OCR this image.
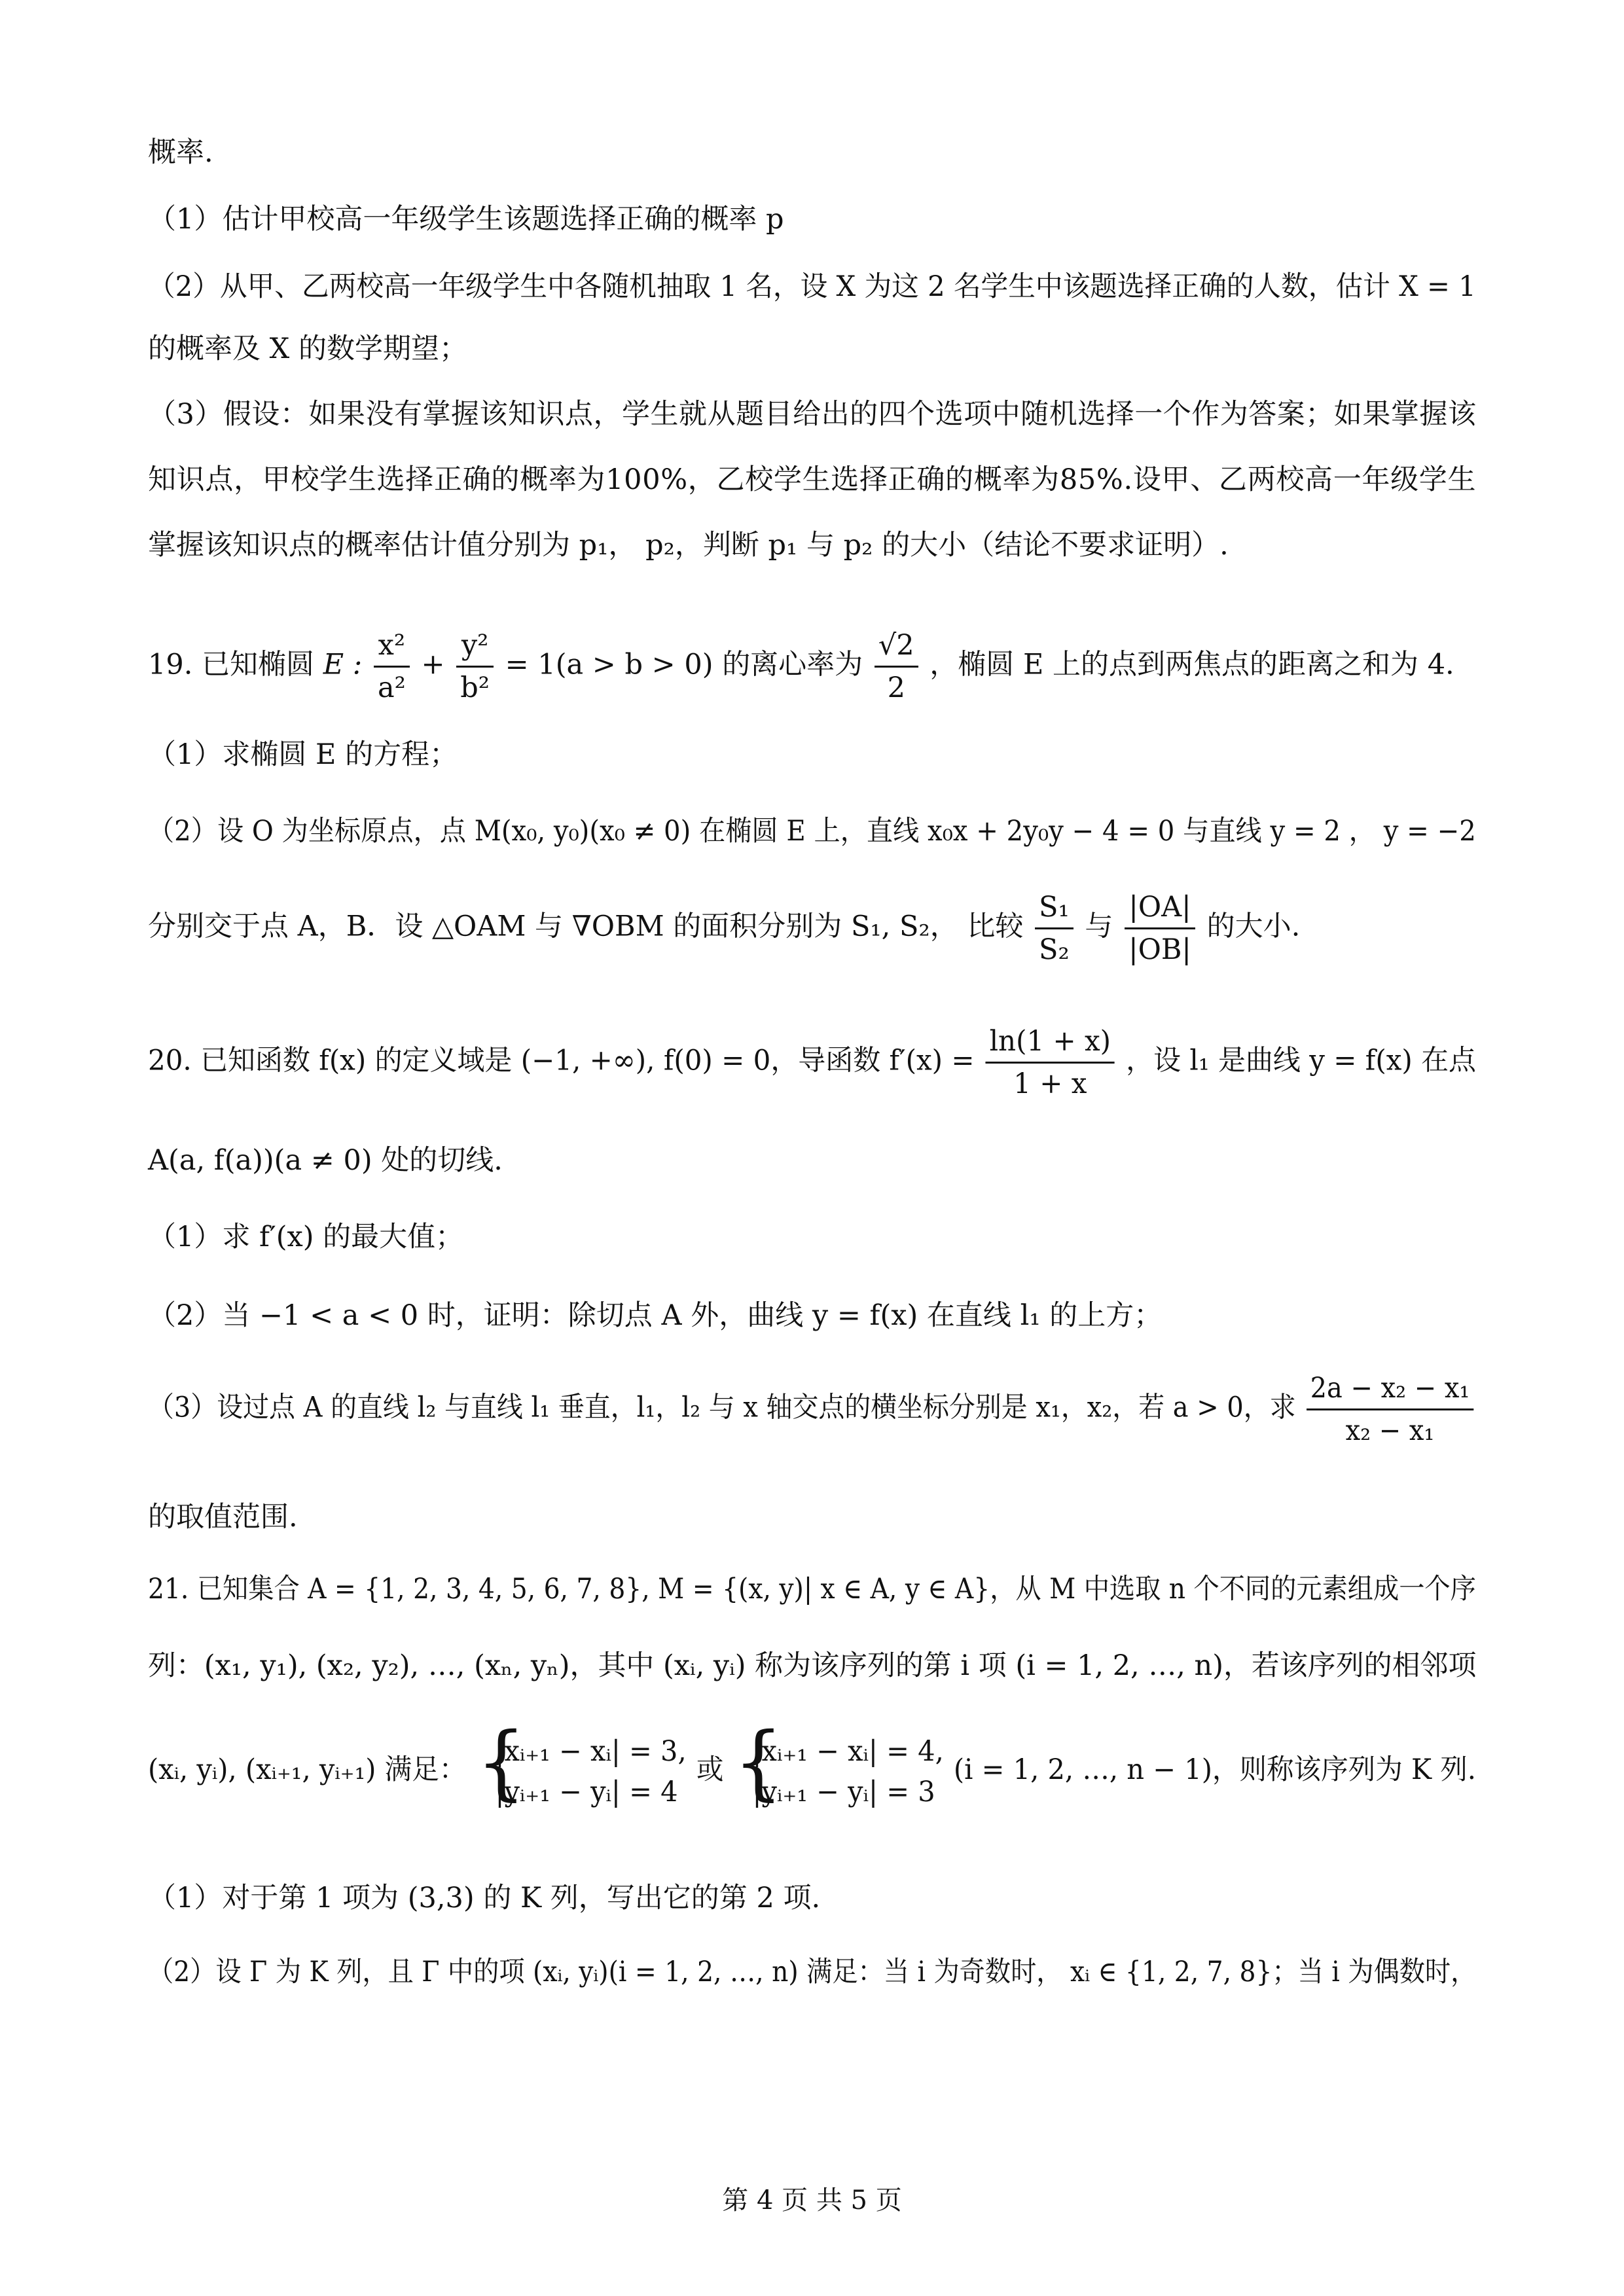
概率.
（1）估计甲校高一年级学生该题选择正确的概率 p
（2）从甲、乙两校高一年级学生中各随机抽取 1 名，设 X 为这 2 名学生中该题选择正确的人数，估计 X = 1
的概率及 X 的数学期望；
（3）假设：如果没有掌握该知识点，学生就从题目给出的四个选项中随机选择一个作为答案；如果掌握该
知识点，甲校学生选择正确的概率为100%，乙校学生选择正确的概率为85%.设甲、乙两校高一年级学生
掌握该知识点的概率估计值分别为 p₁， p₂，判断 p₁ 与 p₂ 的大小（结论不要求证明）.
19. 已知椭圆 E : $\frac{\text{x²}}{\text{a²}} + \frac{\text{y²}}{\text{b²}} = 1(a > b > 0)$ 的离心率为 $\frac{√2}{2}$ ，椭圆 E 上的点到两焦点的距离之和为 4.
（1）求椭圆 E 的方程；
（2）设 O 为坐标原点，点 M(x₀, y₀)(x₀ ≠ 0) 在椭圆 E 上，直线 x₀x + 2y₀y − 4 = 0 与直线 y = 2 ， y = −2
分别交于点 A，B．设 △OAM 与 ∇OBM 的面积分别为 S₁, S₂， 比较 $\frac{\text{S₁}}{\text{S₂}}$ 与 $\frac{|OA|}{|OB|}$ 的大小.
20. 已知函数 f(x) 的定义域是 (−1, +∞), f(0) = 0，导函数 $f'(x) = \frac{\ln(1 + x)}{1 + x}$ ，设 l₁ 是曲线 y = f(x) 在点
A(a, f(a))(a ≠ 0) 处的切线.
（1）求 f′(x) 的最大值；
（2）当 −1 < a < 0 时，证明：除切点 A 外，曲线 y = f(x) 在直线 l₁ 的上方；
（3）设过点 A 的直线 l₂ 与直线 l₁ 垂直，l₁，l₂ 与 x 轴交点的横坐标分别是 x₁，x₂，若 a > 0，求 $\frac{\text{2a − x₂ − x₁}}{\text{x₂ − x₁}}$
的取值范围.
21. 已知集合 A = {1, 2, 3, 4, 5, 6, 7, 8}, M = {(x, y)| x ∈ A, y ∈ A}，从 M 中选取 n 个不同的元素组成一个序
列：(x₁, y₁), (x₂, y₂), …, (xₙ, yₙ)，其中 (xᵢ, yᵢ) 称为该序列的第 i 项 (i = 1, 2, …, n)，若该序列的相邻项
(xᵢ, yᵢ), (xᵢ₊₁, yᵢ₊₁) 满足：
{ |xᵢ₊₁ − xᵢ| = 3,
|yᵢ₊₁ − yᵢ| = 4
或
{ |xᵢ₊₁ − xᵢ| = 4,
|yᵢ₊₁ − yᵢ| = 3
(i = 1, 2, …, n − 1)，则称该序列为 K 列.
（1）对于第 1 项为 (3,3) 的 K 列，写出它的第 2 项.
（2）设 Γ 为 K 列，且 Γ 中的项 (xᵢ, yᵢ)(i = 1, 2, …, n) 满足：当 i 为奇数时， xᵢ ∈ {1, 2, 7, 8}；当 i 为偶数时，
第 4 页 共 5 页
